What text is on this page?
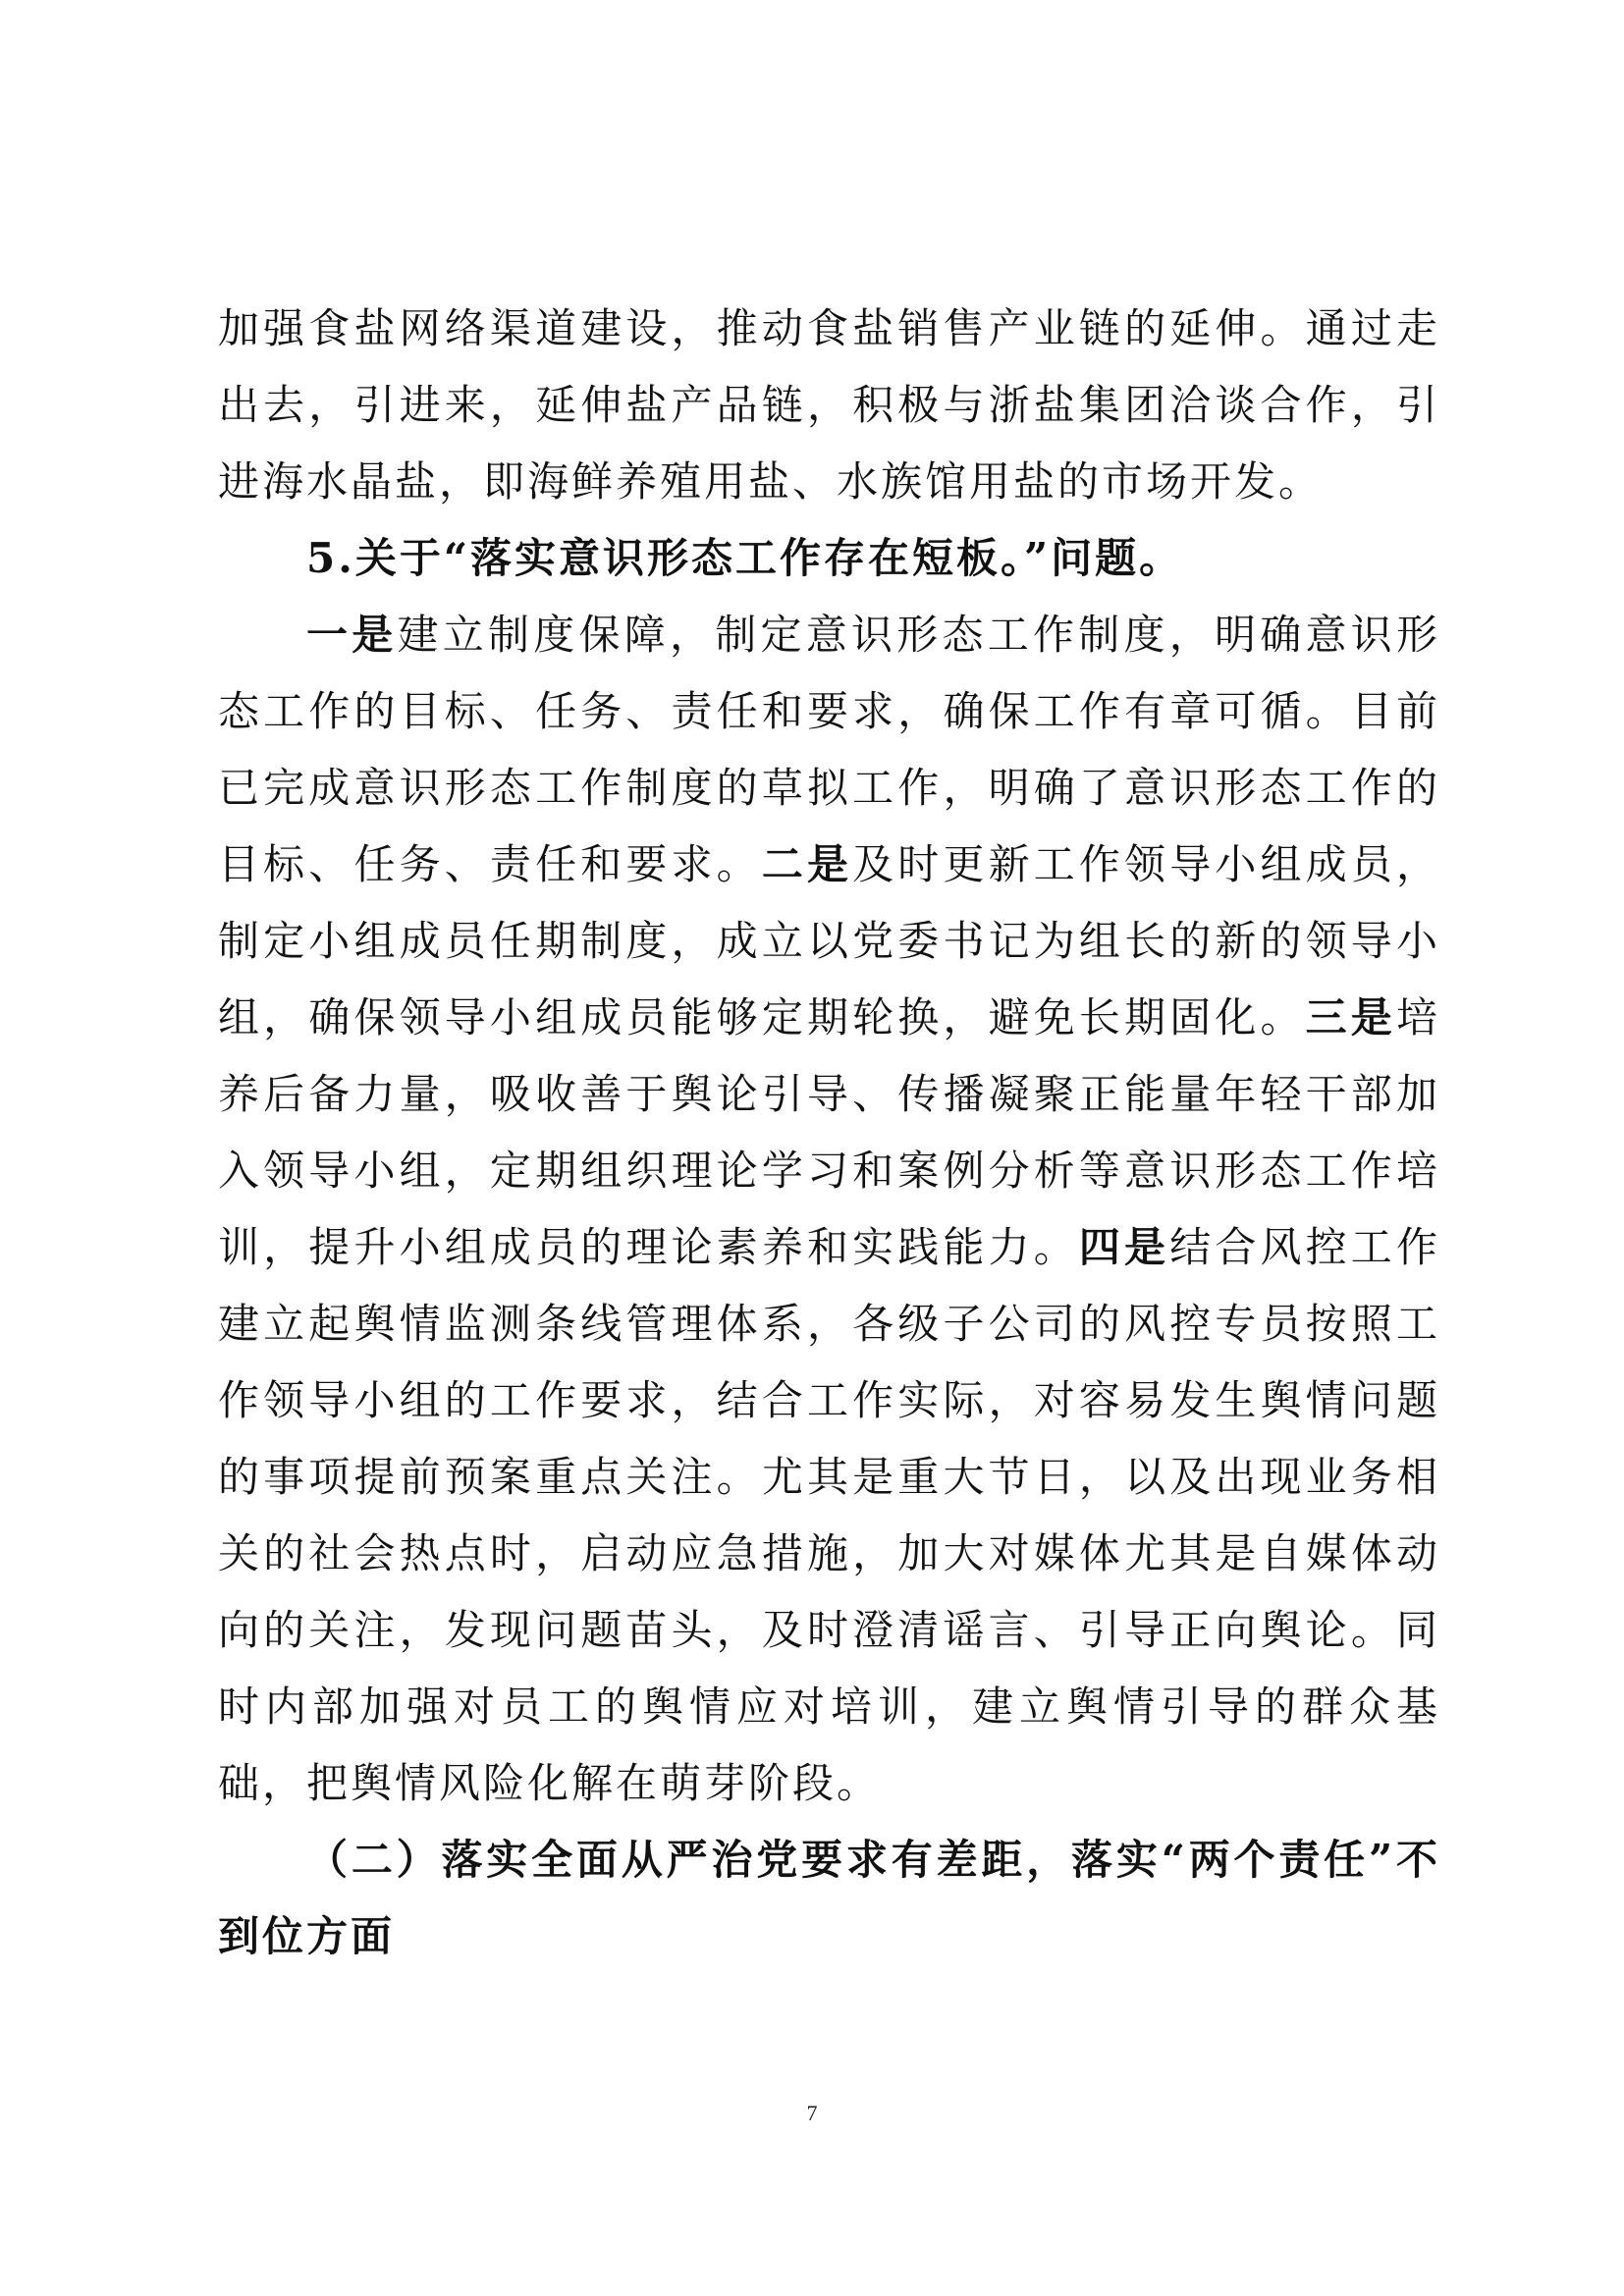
加强食盐网络渠道建设，推动食盐销售产业链的延伸。通过走出去，引进来，延伸盐产品链，积极与浙盐集团洽谈合作，引进海水晶盐，即海鲜养殖用盐、水族馆用盐的市场开发。

5.关于“落实意识形态工作存在短板。”问题。

一是建立制度保障，制定意识形态工作制度，明确意识形态工作的目标、任务、责任和要求，确保工作有章可循。目前已完成意识形态工作制度的草拟工作，明确了意识形态工作的目标、任务、责任和要求。二是及时更新工作领导小组成员，制定小组成员任期制度，成立以党委书记为组长的新的领导小组，确保领导小组成员能够定期轮换，避免长期固化。三是培养后备力量，吸收善于舆论引导、传播凝聚正能量年轻干部加入领导小组，定期组织理论学习和案例分析等意识形态工作培训，提升小组成员的理论素养和实践能力。四是结合风控工作建立起舆情监测条线管理体系，各级子公司的风控专员按照工作领导小组的工作要求，结合工作实际，对容易发生舆情问题的事项提前预案重点关注。尤其是重大节日，以及出现业务相关的社会热点时，启动应急措施，加大对媒体尤其是自媒体动向的关注，发现问题苗头，及时澄清谣言、引导正向舆论。同时内部加强对员工的舆情应对培训，建立舆情引导的群众基础，把舆情风险化解在萌芽阶段。

（二）落实全面从严治党要求有差距，落实“两个责任”不到位方面

7
